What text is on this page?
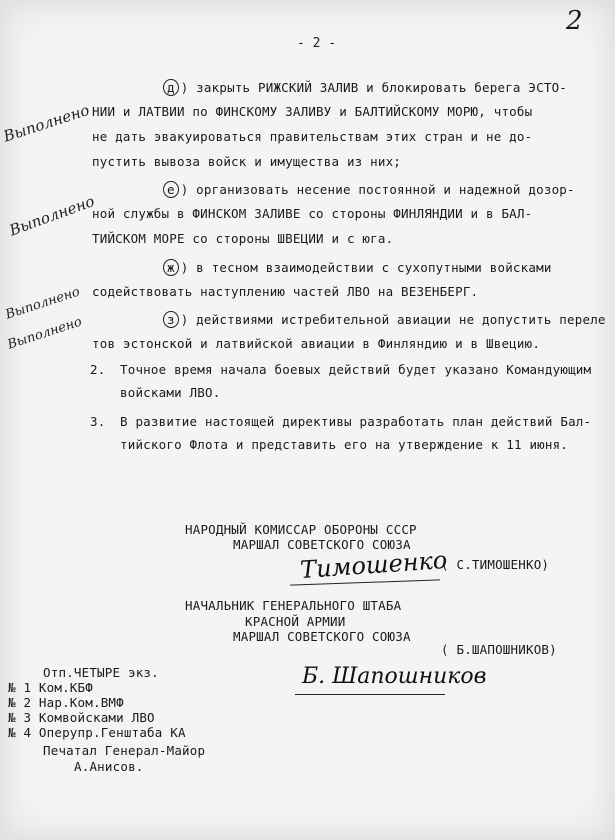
2
- 2 -
Выполнено
Выполнено
Выполнено
Выполнено
д ) закрыть РИЖСКИЙ ЗАЛИВ и блокировать берега ЭСТО-
НИИ и ЛАТВИИ по ФИНСКОМУ ЗАЛИВУ и БАЛТИЙСКОМУ МОРЮ, чтобы
не дать эвакуироваться правительствам этих стран и не до-
пустить вывоза войск и имущества из них;
е ) организовать несение постоянной и надежной дозор-
ной службы в ФИНСКОМ ЗАЛИВЕ со стороны ФИНЛЯНДИИ и в БАЛ-
ТИЙСКОМ МОРЕ со стороны ШВЕЦИИ и с юга.
ж ) в тесном взаимодействии с сухопутными войсками
содействовать наступлению частей ЛВО на ВЕЗЕНБЕРГ.
з ) действиями истребительной авиации не допустить переле
тов эстонской и латвийской авиации в Финляндию и в Швецию.
2. Точное время начала боевых действий будет указано Командующим
войсками ЛВО.
3. В развитие настоящей директивы разработать план действий Бал-
тийского Флота и представить его на утверждение к 11 июня.
НАРОДНЫЙ КОМИССАР ОБОРОНЫ СССР
МАРШАЛ СОВЕТСКОГО СОЮЗА
( С.ТИМОШЕНКО)
Тимошенко
НАЧАЛЬНИК ГЕНЕРАЛЬНОГО ШТАБА
КРАСНОЙ АРМИИ
МАРШАЛ СОВЕТСКОГО СОЮЗА
( Б.ШАПОШНИКОВ)
Б. Шапошников
Отп.ЧЕТЫРЕ экз.
№ 1 Ком.КБФ
№ 2 Нар.Ком.ВМФ
№ 3 Комвойсками ЛВО
№ 4 Оперупр.Генштаба КА
Печатал Генерал-Майор
А.Анисов.
